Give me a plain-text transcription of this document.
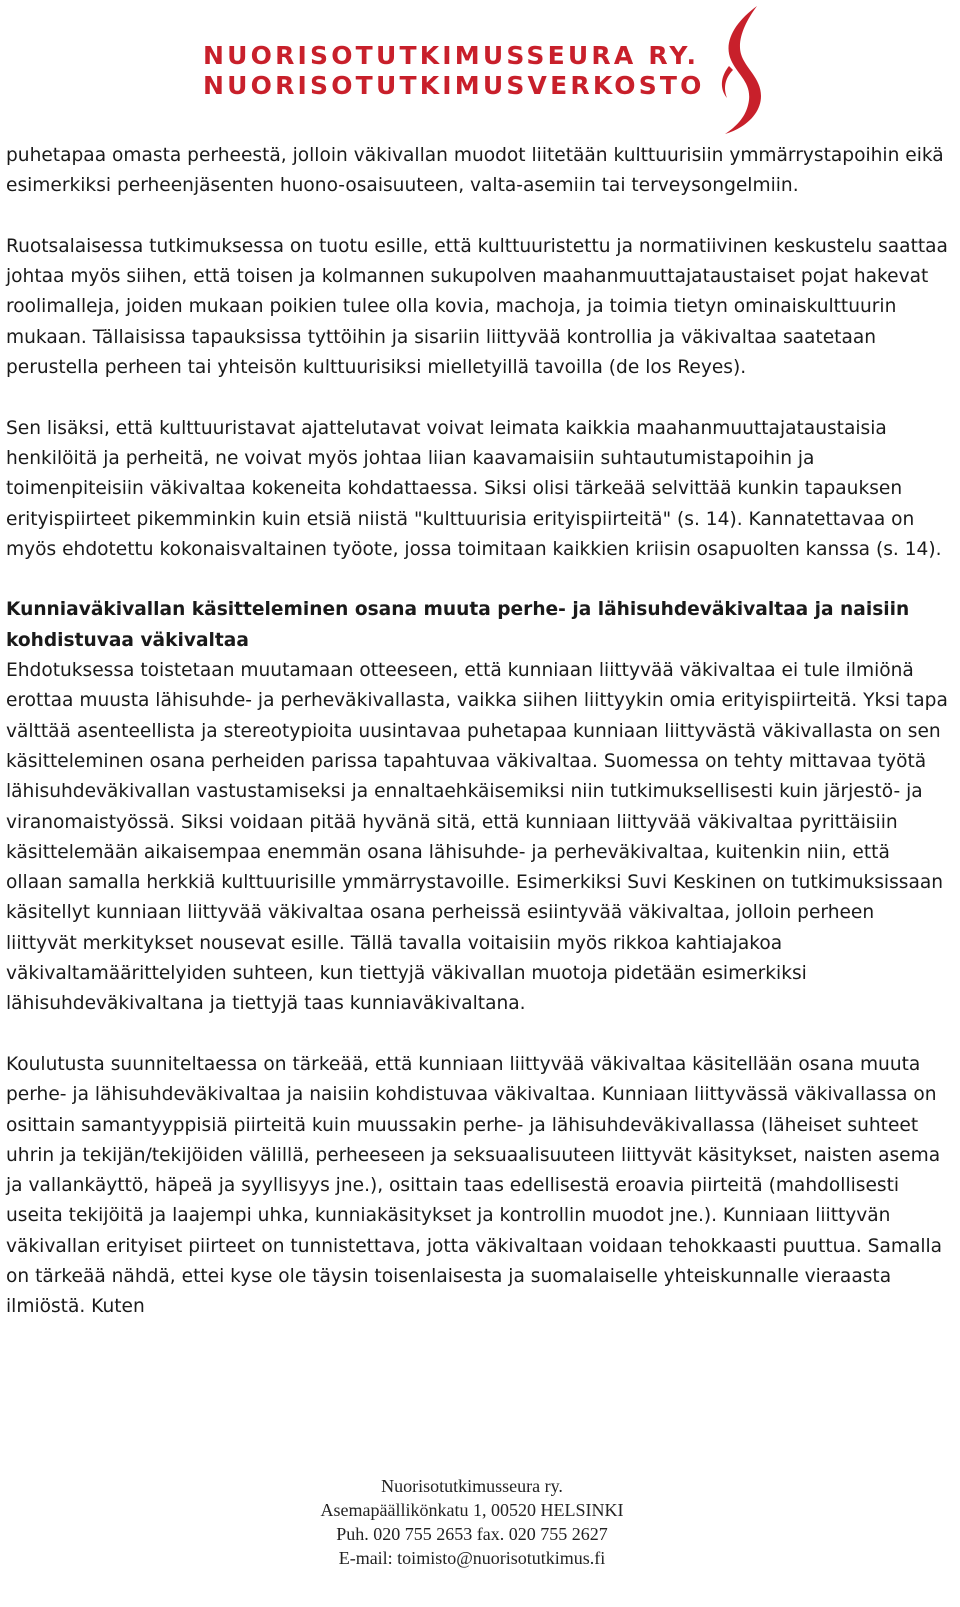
NUORISOTUTKIMUSSEURA RY.
NUORISOTUTKIMUSVERKOSTO

puhetapaa omasta perheestä, jolloin väkivallan muodot liitetään kulttuurisiin ymmärrystapoihin eikä esimerkiksi perheenjäsenten huono-osaisuuteen, valta-asemiin tai terveysongelmiin.

Ruotsalaisessa tutkimuksessa on tuotu esille, että kulttuuristettu ja normatiivinen keskustelu saattaa johtaa myös siihen, että toisen ja kolmannen sukupolven maahanmuuttajataustaiset pojat hakevat roolimalleja, joiden mukaan poikien tulee olla kovia, machoja, ja toimia tietyn ominaiskulttuurin mukaan. Tällaisissa tapauksissa tyttöihin ja sisariin liittyvää kontrollia ja väkivaltaa saatetaan perustella perheen tai yhteisön kulttuurisiksi mielletyillä tavoilla (de los Reyes).

Sen lisäksi, että kulttuuristavat ajattelutavat voivat leimata kaikkia maahanmuuttajataustaisia henkilöitä ja perheitä, ne voivat myös johtaa liian kaavamaisiin suhtautumistapoihin ja toimenpiteisiin väkivaltaa kokeneita kohdattaessa. Siksi olisi tärkeää selvittää kunkin tapauksen erityispiirteet pikemminkin kuin etsiä niistä "kulttuurisia erityispiirteitä" (s. 14). Kannatettavaa on myös ehdotettu kokonaisvaltainen työote, jossa toimitaan kaikkien kriisin osapuolten kanssa (s. 14).

Kunniaväkivallan käsitteleminen osana muuta perhe- ja lähisuhdeväkivaltaa ja naisiin kohdistuvaa väkivaltaa

Ehdotuksessa toistetaan muutamaan otteeseen, että kunniaan liittyvää väkivaltaa ei tule ilmiönä erottaa muusta lähisuhde- ja perheväkivallasta, vaikka siihen liittyykin omia erityispiirteitä. Yksi tapa välttää asenteellista ja stereotypioita uusintavaa puhetapaa kunniaan liittyvästä väkivallasta on sen käsitteleminen osana perheiden parissa tapahtuvaa väkivaltaa. Suomessa on tehty mittavaa työtä lähisuhdeväkivallan vastustamiseksi ja ennaltaehkäisemiksi niin tutkimuksellisesti kuin järjestö- ja viranomaistyössä. Siksi voidaan pitää hyvänä sitä, että kunniaan liittyvää väkivaltaa pyrittäisiin käsittelemään aikaisempaa enemmän osana lähisuhde- ja perheväkivaltaa, kuitenkin niin, että ollaan samalla herkkiä kulttuurisille ymmärrystavoille. Esimerkiksi Suvi Keskinen on tutkimuksissaan käsitellyt kunniaan liittyvää väkivaltaa osana perheissä esiintyvää väkivaltaa, jolloin perheen liittyvät merkitykset nousevat esille. Tällä tavalla voitaisiin myös rikkoa kahtiajakoa väkivaltamäärittelyiden suhteen, kun tiettyjä väkivallan muotoja pidetään esimerkiksi lähisuhdeväkivaltana ja tiettyjä taas kunniaväkivaltana.

Koulutusta suunniteltaessa on tärkeää, että kunniaan liittyvää väkivaltaa käsitellään osana muuta perhe- ja lähisuhdeväkivaltaa ja naisiin kohdistuvaa väkivaltaa. Kunniaan liittyvässä väkivallassa on osittain samantyyppisiä piirteitä kuin muussakin perhe- ja lähisuhdeväkivallassa (läheiset suhteet uhrin ja tekijän/tekijöiden välillä, perheeseen ja seksuaalisuuteen liittyvät käsitykset, naisten asema ja vallankäyttö, häpeä ja syyllisyys jne.), osittain taas edellisestä eroavia piirteitä (mahdollisesti useita tekijöitä ja laajempi uhka, kunniakäsitykset ja kontrollin muodot jne.). Kunniaan liittyvän väkivallan erityiset piirteet on tunnistettava, jotta väkivaltaan voidaan tehokkaasti puuttua. Samalla on tärkeää nähdä, ettei kyse ole täysin toisenlaisesta ja suomalaiselle yhteiskunnalle vieraasta ilmiöstä. Kuten

Nuorisotutkimusseura ry.
Asemapäällikönkatu 1, 00520 HELSINKI
Puh. 020 755 2653 fax. 020 755 2627
E-mail: toimisto@nuorisotutkimus.fi
